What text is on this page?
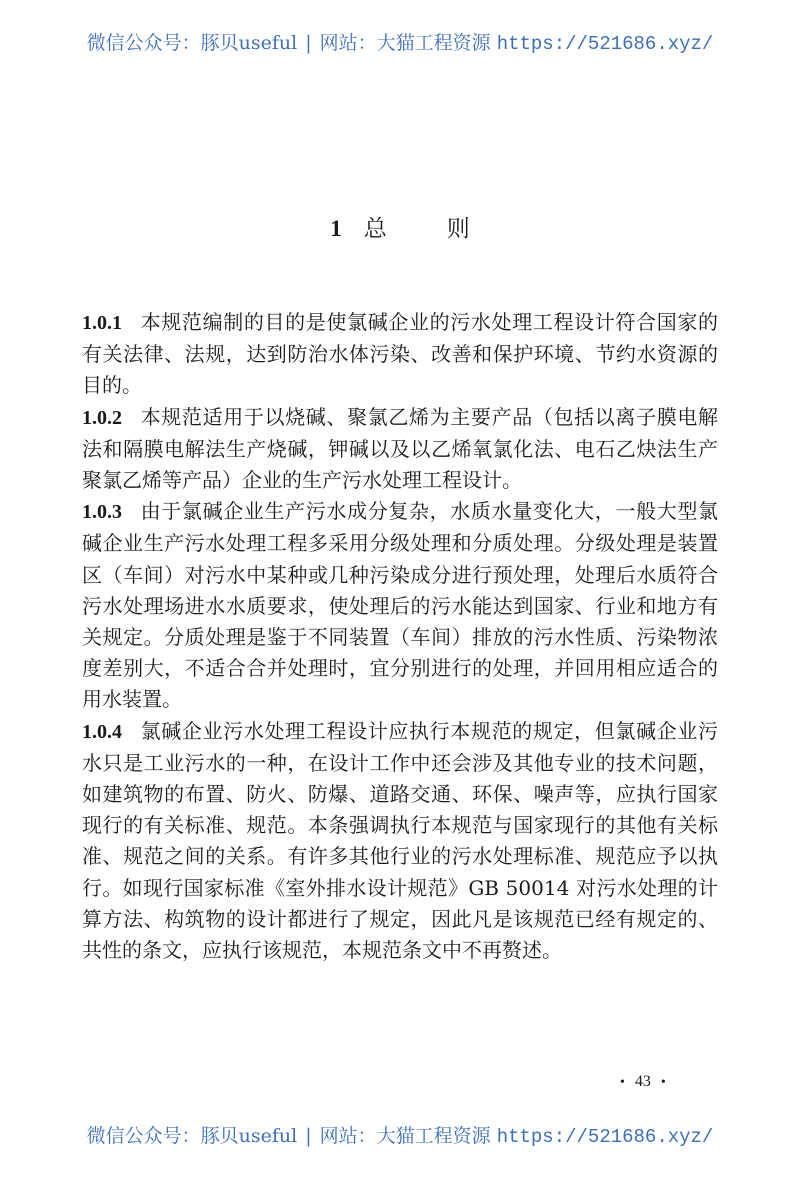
微信公众号：豚贝useful | 网站：大猫工程资源 https://521686.xyz/
1 总	则

1.0.1 本规范编制的目的是使氯碱企业的污水处理工程设计符合国家的有关法律、法规，达到防治水体污染、改善和保护环境、节约水资源的目的。

1.0.2 本规范适用于以烧碱、聚氯乙烯为主要产品（包括以离子膜电解法和隔膜电解法生产烧碱，钾碱以及以乙烯氧氯化法、电石乙炔法生产聚氯乙烯等产品）企业的生产污水处理工程设计。

1.0.3 由于氯碱企业生产污水成分复杂，水质水量变化大，一般大型氯碱企业生产污水处理工程多采用分级处理和分质处理。分级处理是装置区（车间）对污水中某种或几种污染成分进行预处理，处理后水质符合污水处理场进水水质要求，使处理后的污水能达到国家、行业和地方有关规定。分质处理是鉴于不同装置（车间）排放的污水性质、污染物浓度差别大，不适合合并处理时，宜分别进行的处理，并回用相应适合的用水装置。

1.0.4 氯碱企业污水处理工程设计应执行本规范的规定，但氯碱企业污水只是工业污水的一种，在设计工作中还会涉及其他专业的技术问题，如建筑物的布置、防火、防爆、道路交通、环保、噪声等，应执行国家现行的有关标准、规范。本条强调执行本规范与国家现行的其他有关标准、规范之间的关系。有许多其他行业的污水处理标准、规范应予以执行。如现行国家标准《室外排水设计规范》GB 50014 对污水处理的计算方法、构筑物的设计都进行了规定，因此凡是该规范已经有规定的、共性的条文，应执行该规范，本规范条文中不再赘述。

• 43 •
微信公众号：豚贝useful | 网站：大猫工程资源 https://521686.xyz/
